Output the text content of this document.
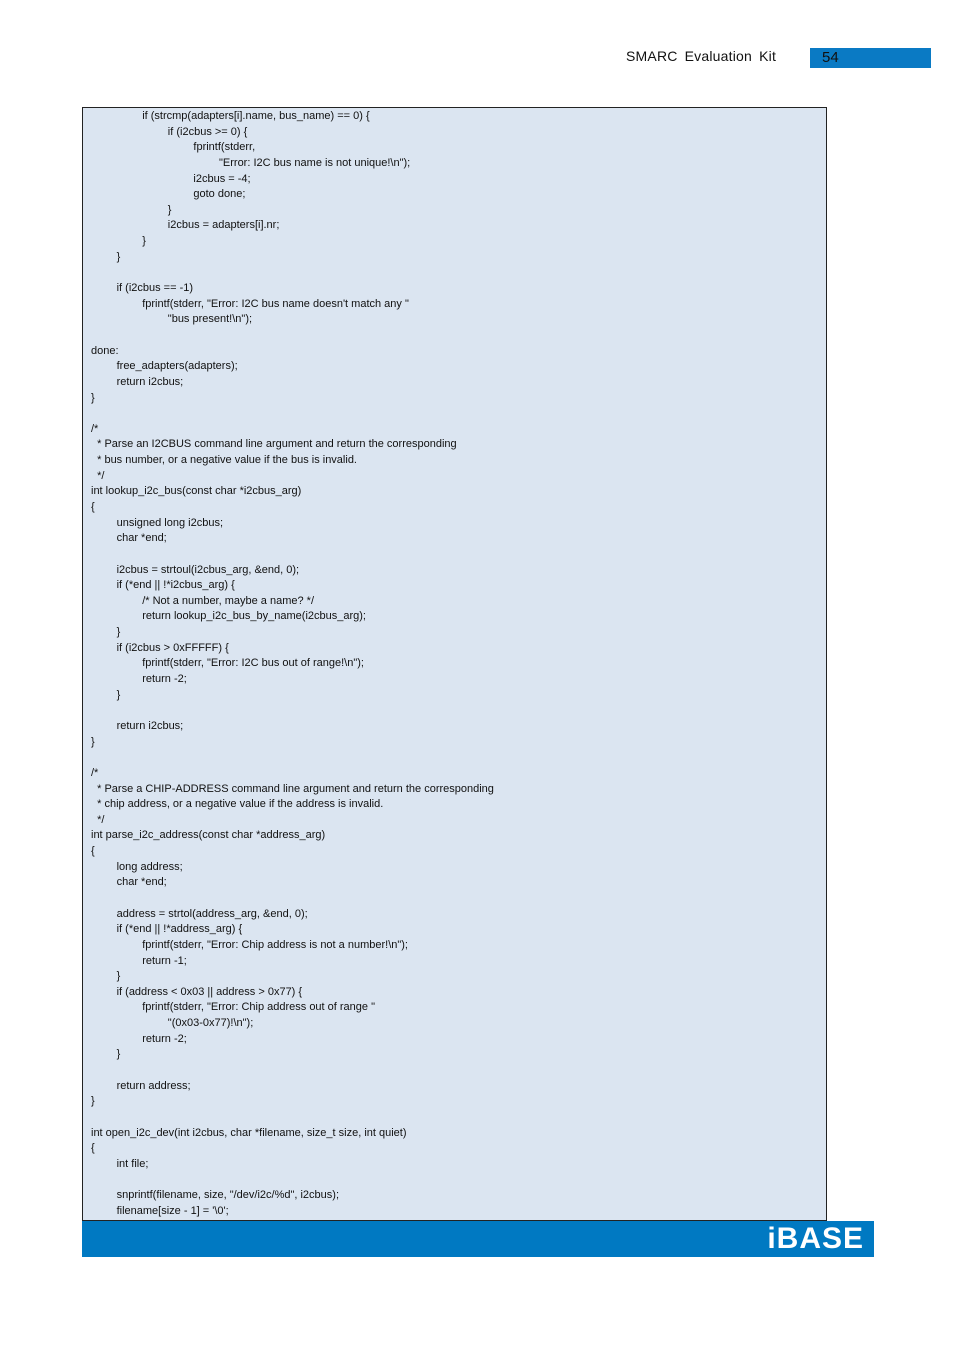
SMARC Evaluation Kit	54
if (strcmp(adapters[i].name, bus_name) == 0) {
if (i2cbus >= 0) {
fprintf(stderr,
"Error: I2C bus name is not unique!\n");
i2cbus = -4;
goto done;
}
i2cbus = adapters[i].nr;
}
}
if (i2cbus == -1)
fprintf(stderr, "Error: I2C bus name doesn't match any "
"bus present!\n");
done:
free_adapters(adapters);
return i2cbus;
}
/*
* Parse an I2CBUS command line argument and return the corresponding
* bus number, or a negative value if the bus is invalid.
*/
int lookup_i2c_bus(const char *i2cbus_arg)
{
unsigned long i2cbus;
char *end;
i2cbus = strtoul(i2cbus_arg, &end, 0);
if (*end || !*i2cbus_arg) {
/* Not a number, maybe a name? */
return lookup_i2c_bus_by_name(i2cbus_arg);
}
if (i2cbus > 0xFFFFF) {
fprintf(stderr, "Error: I2C bus out of range!\n");
return -2;
}
return i2cbus;
}
/*
* Parse a CHIP-ADDRESS command line argument and return the corresponding
* chip address, or a negative value if the address is invalid.
*/
int parse_i2c_address(const char *address_arg)
{
long address;
char *end;
address = strtol(address_arg, &end, 0);
if (*end || !*address_arg) {
fprintf(stderr, "Error: Chip address is not a number!\n");
return -1;
}
if (address < 0x03 || address > 0x77) {
fprintf(stderr, "Error: Chip address out of range "
"(0x03-0x77)!\n");
return -2;
}
return address;
}
int open_i2c_dev(int i2cbus, char *filename, size_t size, int quiet)
{
int file;
snprintf(filename, size, "/dev/i2c/%d", i2cbus);
filename[size - 1] = '\0';
iBASE
